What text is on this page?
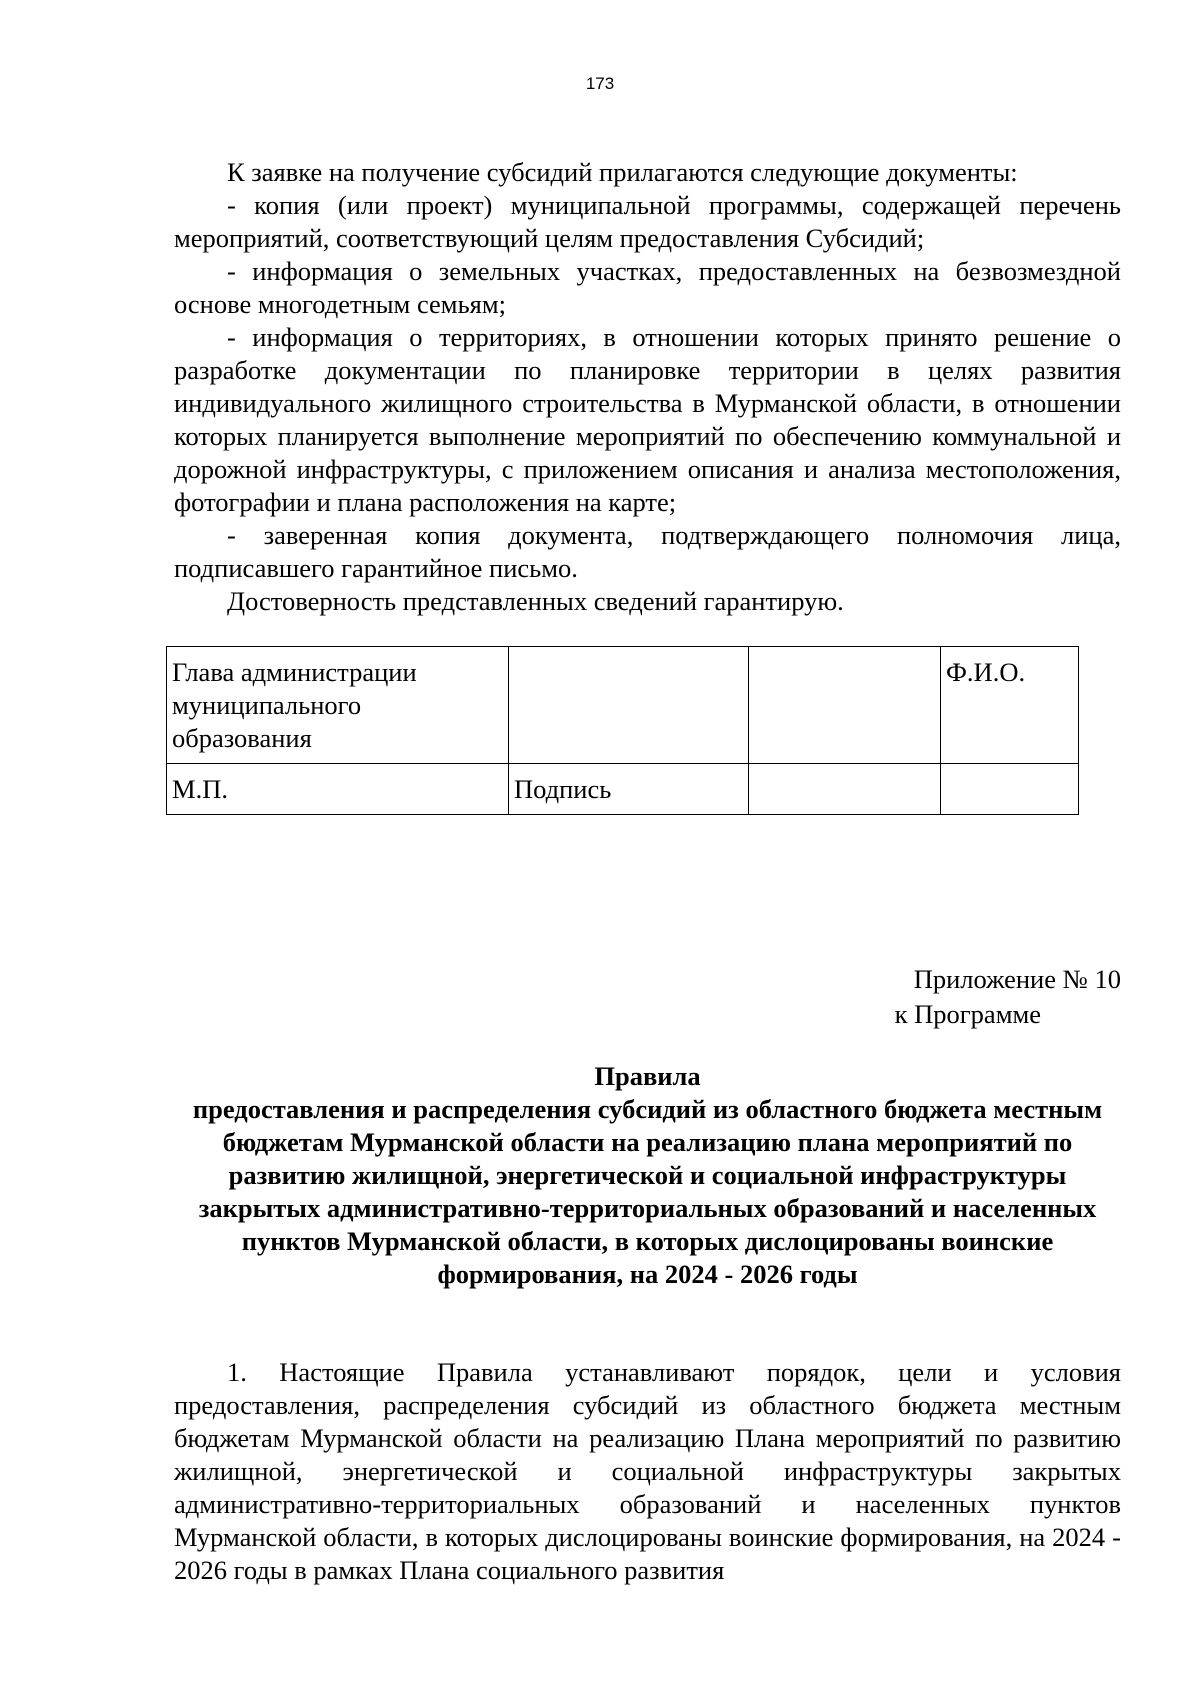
173

К заявке на получение субсидий прилагаются следующие документы:

- копия (или проект) муниципальной программы, содержащей перечень мероприятий, соответствующий целям предоставления Субсидий;

- информация о земельных участках, предоставленных на безвозмездной основе многодетным семьям;

- информация о территориях, в отношении которых принято решение о разработке документации по планировке территории в целях развития индивидуального жилищного строительства в Мурманской области, в отношении которых планируется выполнение мероприятий по обеспечению коммунальной и дорожной инфраструктуры, с приложением описания и анализа местоположения, фотографии и плана расположения на карте;

- заверенная копия документа, подтверждающего полномочия лица, подписавшего гарантийное письмо.

Достоверность представленных сведений гарантирую.

Глава администрации муниципального образования			Ф.И.О.
М.П.	Подпись		
Приложение № 10
к Программе
Правила
предоставления и распределения субсидий из областного бюджета местным бюджетам Мурманской области на реализацию плана мероприятий по развитию жилищной, энергетической и социальной инфраструктуры закрытых административно-территориальных образований и населенных пунктов Мурманской области, в которых дислоцированы воинские формирования, на 2024 - 2026 годы

1. Настоящие Правила устанавливают порядок, цели и условия предоставления, распределения субсидий из областного бюджета местным бюджетам Мурманской области на реализацию Плана мероприятий по развитию жилищной, энергетической и социальной инфраструктуры закрытых административно-территориальных образований и населенных пунктов Мурманской области, в которых дислоцированы воинские формирования, на 2024 - 2026 годы в рамках Плана социального развития
